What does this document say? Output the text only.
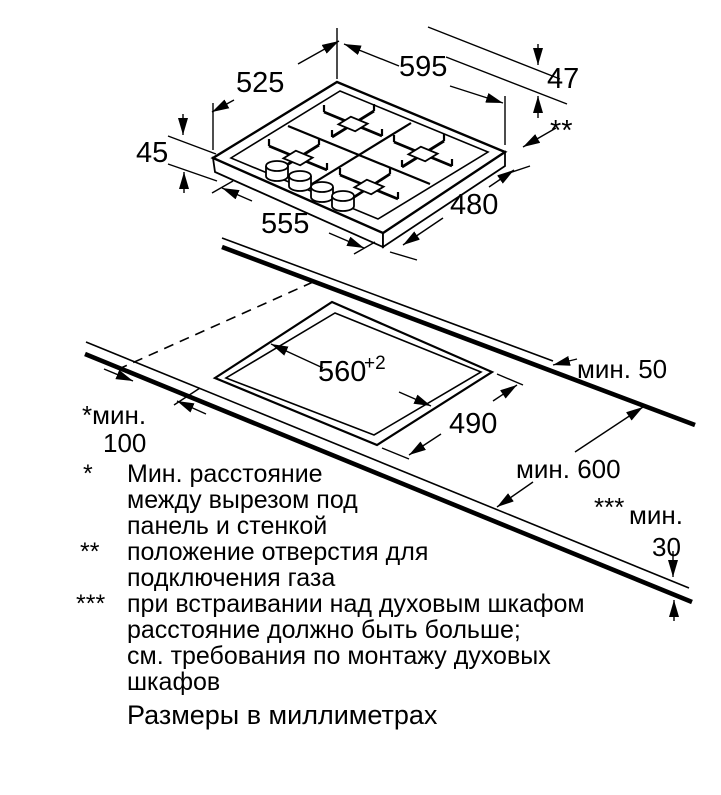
525	595	47
**
45
555
480
560
+2
490
мин. 50
мин. 600
*** мин.
30
*мин.
100
* Мин. расстояние
между вырезом под
панель и стенкой
** положение отверстия для
подключения газа
*** при встраивании над духовым шкафом
расстояние должно быть больше;
см. требования по монтажу духовых
шкафов
Размеры в миллиметрах
